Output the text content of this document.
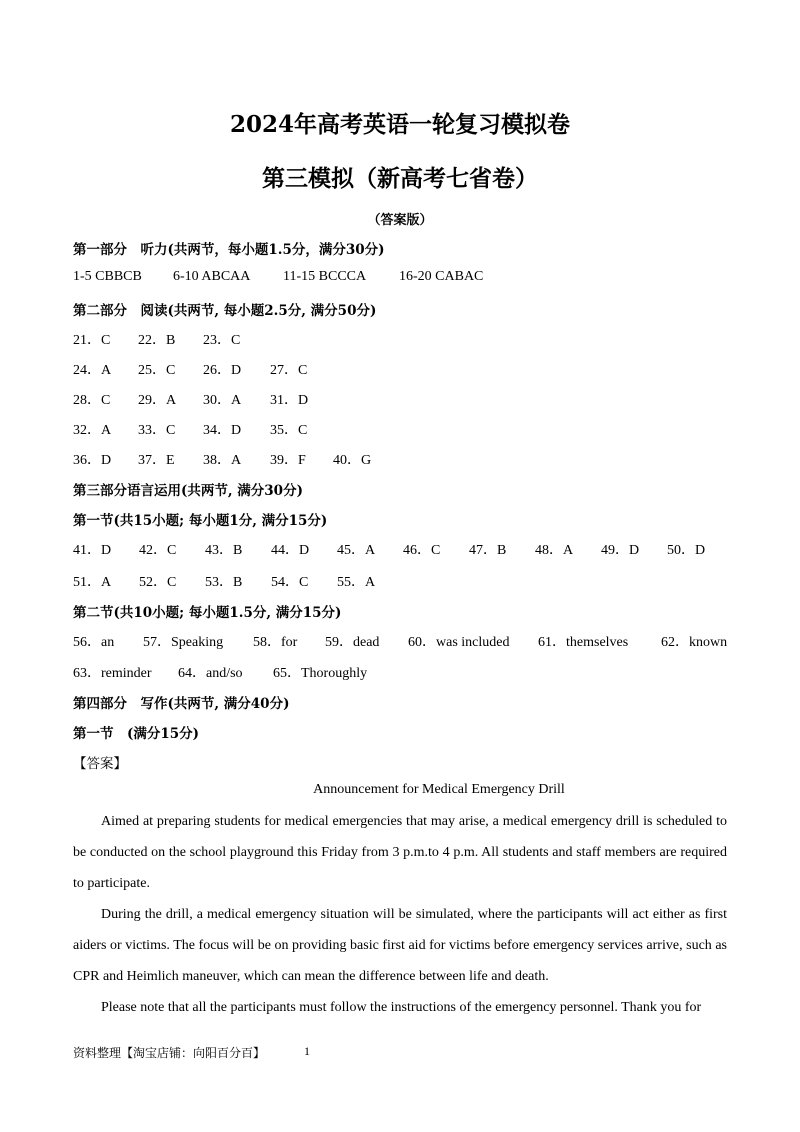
2024年高考英语一轮复习模拟卷
第三模拟（新高考七省卷）
（答案版）
第一部分　听力(共两节，每小题1.5分，满分30分)
1-5 CBBCB 6-10 ABCAA 11-15 BCCCA 16-20 CABAC
第二部分　阅读(共两节, 每小题2.5分, 满分50分)
21．C 22．B 23．C
24．A 25．C 26．D 27．C
28．C 29．A 30．A 31．D
32．A 33．C 34．D 35．C
36．D 37．E 38．A 39．F 40．G
第三部分语言运用(共两节, 满分30分)
第一节(共15小题; 每小题1分, 满分15分)
41．D 42．C 43．B 44．D 45．A 46．C 47．B 48．A 49．D 50．D
51．A 52．C 53．B 54．C 55．A
第二节(共10小题; 每小题1.5分, 满分15分)
56．an 57．Speaking 58．for 59．dead 60．was included 61．themselves 62．known
63．reminder 64．and/so 65．Thoroughly
第四部分　写作(共两节, 满分40分)
第一节　(满分15分)
【答案】
Announcement for Medical Emergency Drill

Aimed at preparing students for medical emergencies that may arise, a medical emergency drill is scheduled to be conducted on the school playground this Friday from 3 p.m.to 4 p.m. All students and staff members are required to participate.

During the drill, a medical emergency situation will be simulated, where the participants will act either as first aiders or victims. The focus will be on providing basic first aid for victims before emergency services arrive, such as CPR and Heimlich maneuver, which can mean the difference between life and death.

Please note that all the participants must follow the instructions of the emergency personnel. Thank you for

资料整理【淘宝店铺：向阳百分百】	1
